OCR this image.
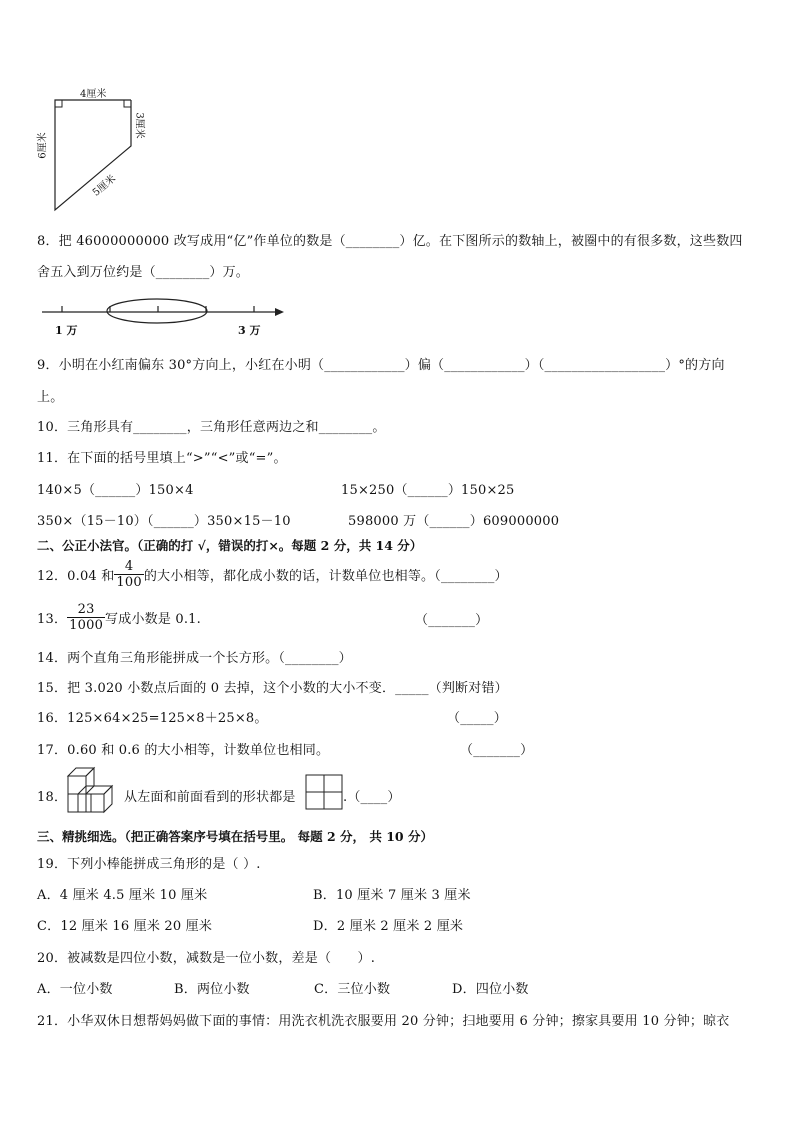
4厘米
6厘米
3厘米
5厘米
8．把 46000000000 改写成用“亿”作单位的数是（________）亿。在下图所示的数轴上，被圈中的有很多数，这些数四
舍五入到万位约是（________）万。
1 万	3 万
9．小明在小红南偏东 30°方向上，小红在小明（____________）偏（____________）（__________________）°的方向
上。
10．三角形具有________，三角形任意两边之和________。
11．在下面的括号里填上“>”“<”或“=”。
140×5（______）150×4	15×250（______）150×25
350×（15－10）（______）350×15－10	598000 万（______）609000000
二、公正小法官。（正确的打 √，错误的打×。每题 2 分，共 14 分）
12．0.04 和 $\frac{4}{100}$ 的大小相等，都化成小数的话，计数单位也相等。（________）
13． $\frac{23}{1000}$ 写成小数是 0.1.	（_______）
14．两个直角三角形能拼成一个长方形。（________）
15．把 3.020 小数点后面的 0 去掉，这个小数的大小不变．_____（判断对错）
16．125×64×25=125×8＋25×8。	（_____）
17．0.60 和 0.6 的大小相等，计数单位也相同。	（_______）
18．	从左面和前面看到的形状都是	.（____）
三、精挑细选。（把正确答案序号填在括号里。 每题 2 分， 共 10 分）
19．下列小棒能拼成三角形的是（ ）.
A．4 厘米 4.5 厘米 10 厘米	B．10 厘米 7 厘米 3 厘米
C．12 厘米 16 厘米 20 厘米	D．2 厘米 2 厘米 2 厘米
20．被减数是四位小数，减数是一位小数，差是（　　）.
A．一位小数	B．两位小数	C．三位小数	D．四位小数
21．小华双休日想帮妈妈做下面的事情：用洗衣机洗衣服要用 20 分钟；扫地要用 6 分钟；擦家具要用 10 分钟；晾衣
